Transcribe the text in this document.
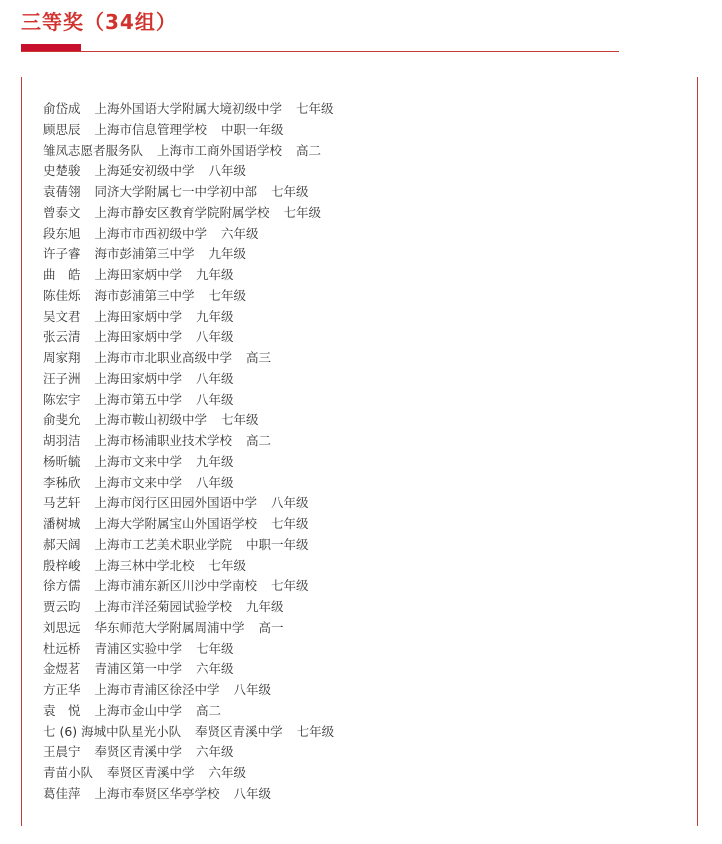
三等奖（34组）
俞岱成 上海外国语大学附属大境初级中学 七年级
顾思辰 上海市信息管理学校 中职一年级
雏凤志愿者服务队 上海市工商外国语学校 高二
史楚骏 上海延安初级中学 八年级
袁蒨翎 同济大学附属七一中学初中部 七年级
曾泰文 上海市静安区教育学院附属学校 七年级
段东旭 上海市市西初级中学 六年级
许子睿 海市彭浦第三中学 九年级
曲　皓 上海田家炳中学 九年级
陈佳烁 海市彭浦第三中学 七年级
吴文君 上海田家炳中学 九年级
张云清 上海田家炳中学 八年级
周家翔 上海市市北职业高级中学 高三
汪子洲 上海田家炳中学 八年级
陈宏宇 上海市第五中学 八年级
俞斐允 上海市鞍山初级中学 七年级
胡羽洁 上海市杨浦职业技术学校 高二
杨昕毓 上海市文来中学 九年级
李秭欣 上海市文来中学 八年级
马艺轩 上海市闵行区田园外国语中学 八年级
潘树城 上海大学附属宝山外国语学校 七年级
郝天阔 上海市工艺美术职业学院 中职一年级
殷梓峻 上海三林中学北校 七年级
徐方儒 上海市浦东新区川沙中学南校 七年级
贾云昀 上海市洋泾菊园试验学校 九年级
刘思远 华东师范大学附属周浦中学 高一
杜远桥 青浦区实验中学 七年级
金煜茗 青浦区第一中学 六年级
方正华 上海市青浦区徐泾中学 八年级
袁　悦 上海市金山中学 高二
七 (6) 海城中队星光小队 奉贤区青溪中学 七年级
王晨宁 奉贤区青溪中学 六年级
青苗小队 奉贤区青溪中学 六年级
葛佳萍 上海市奉贤区华亭学校 八年级
